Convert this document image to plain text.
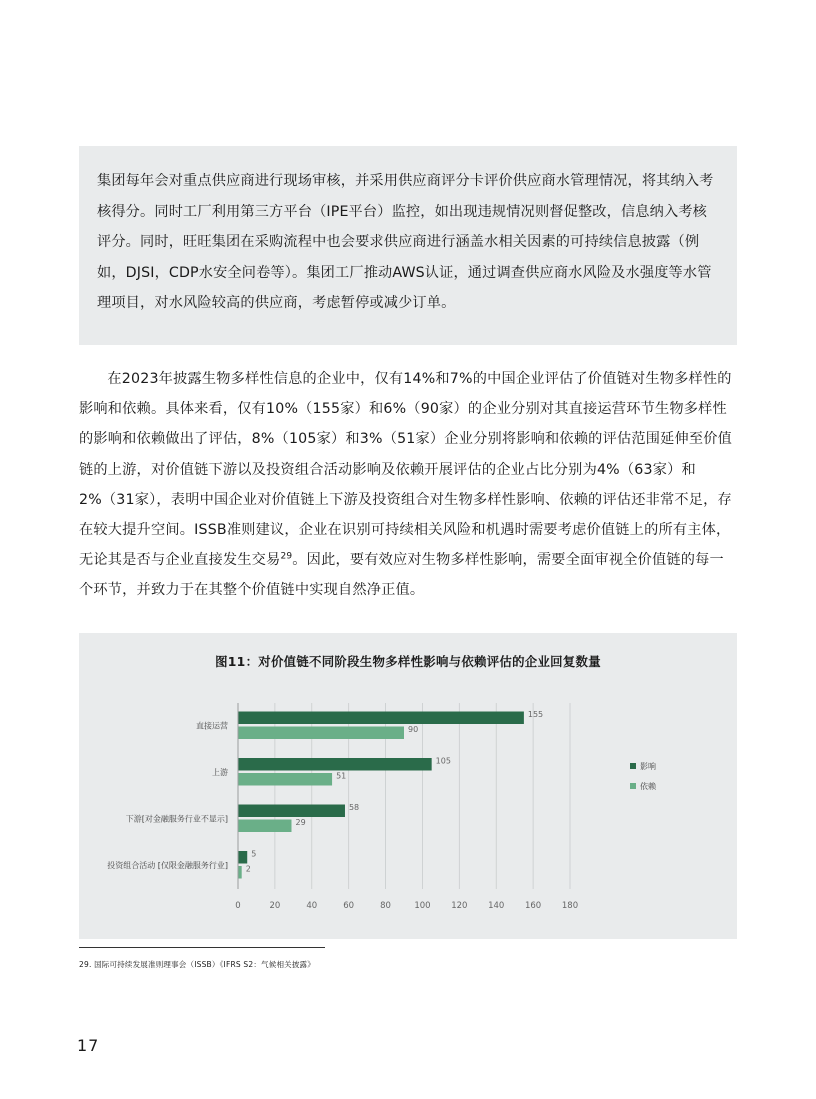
集团每年会对重点供应商进行现场审核，并采用供应商评分卡评价供应商水管理情况，将其纳入考核得分。同时工厂利用第三方平台（IPE平台）监控，如出现违规情况则督促整改，信息纳入考核评分。同时，旺旺集团在采购流程中也会要求供应商进行涵盖水相关因素的可持续信息披露（例如，DJSI，CDP水安全问卷等）。集团工厂推动AWS认证，通过调查供应商水风险及水强度等水管理项目，对水风险较高的供应商，考虑暂停或减少订单。

在2023年披露生物多样性信息的企业中，仅有14%和7%的中国企业评估了价值链对生物多样性的影响和依赖。具体来看，仅有10%（155家）和6%（90家）的企业分别对其直接运营环节生物多样性的影响和依赖做出了评估，8%（105家）和3%（51家）企业分别将影响和依赖的评估范围延伸至价值链的上游，对价值链下游以及投资组合活动影响及依赖开展评估的企业占比分别为4%（63家）和2%（31家），表明中国企业对价值链上下游及投资组合对生物多样性影响、依赖的评估还非常不足，存在较大提升空间。ISSB准则建议，企业在识别可持续相关风险和机遇时需要考虑价值链上的所有主体，无论其是否与企业直接发生交易$^{29}$。因此，要有效应对生物多样性影响，需要全面审视全价值链的每一个环节，并致力于在其整个价值链中实现自然净正值。

图11：对价值链不同阶段生物多样性影响与依赖评估的企业回复数量
0	20	40	60	80	100 120 140 160 180
直接运营
155
90
上游
105
51
下游[对金融服务行业不显示]
58
29
投资组合活动 [仅限金融服务行业]
5
2
影响
依赖
29. 国际可持续发展准则理事会（ISSB）《IFRS S2：气候相关披露》
17
